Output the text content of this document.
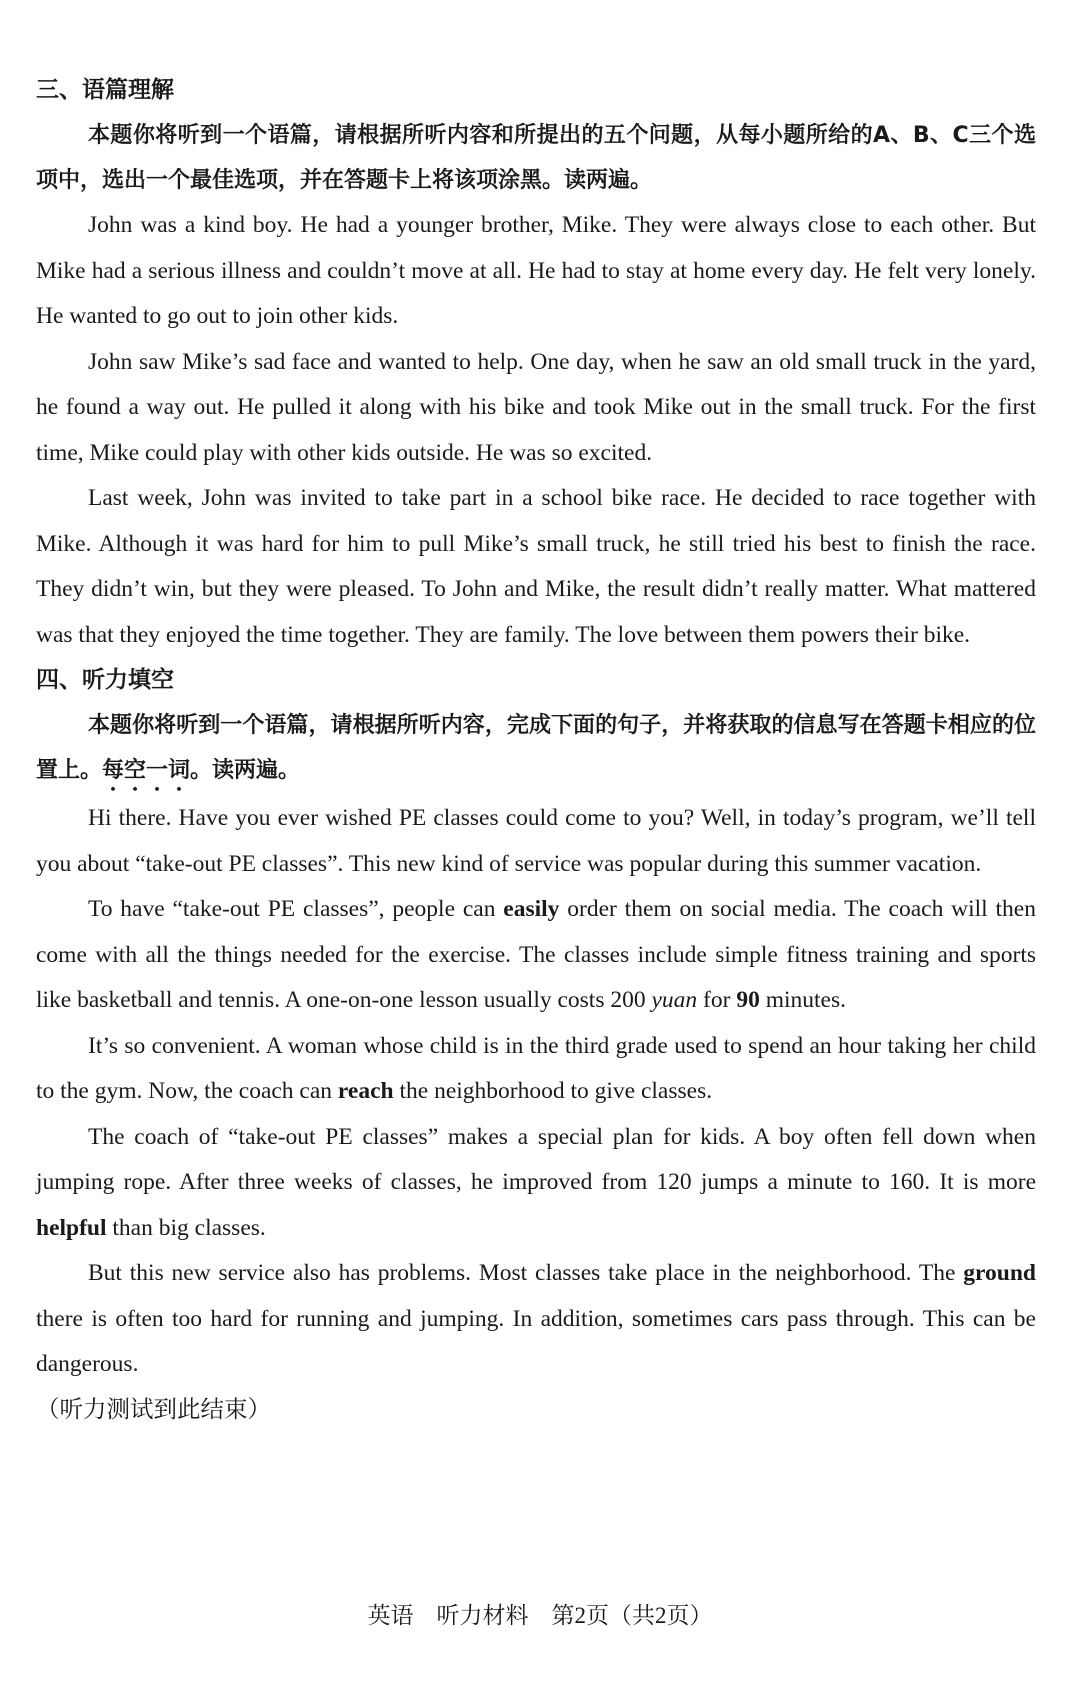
三、语篇理解

本题你将听到一个语篇，请根据所听内容和所提出的五个问题，从每小题所给的A、B、C三个选项中，选出一个最佳选项，并在答题卡上将该项涂黑。读两遍。

John was a kind boy. He had a younger brother, Mike. They were always close to each other. But Mike had a serious illness and couldn’t move at all. He had to stay at home every day. He felt very lonely. He wanted to go out to join other kids.

John saw Mike’s sad face and wanted to help. One day, when he saw an old small truck in the yard, he found a way out. He pulled it along with his bike and took Mike out in the small truck. For the first time, Mike could play with other kids outside. He was so excited.

Last week, John was invited to take part in a school bike race. He decided to race together with Mike. Although it was hard for him to pull Mike’s small truck, he still tried his best to finish the race. They didn’t win, but they were pleased. To John and Mike, the result didn’t really matter. What mattered was that they enjoyed the time together. They are family. The love between them powers their bike.

四、听力填空

本题你将听到一个语篇，请根据所听内容，完成下面的句子，并将获取的信息写在答题卡相应的位置上。每空一词。读两遍。

Hi there. Have you ever wished PE classes could come to you? Well, in today’s program, we’ll tell you about “take-out PE classes”. This new kind of service was popular during this summer vacation.

To have “take-out PE classes”, people can easily order them on social media. The coach will then come with all the things needed for the exercise. The classes include simple fitness training and sports like basketball and tennis. A one-on-one lesson usually costs 200 yuan for 90 minutes.

It’s so convenient. A woman whose child is in the third grade used to spend an hour taking her child to the gym. Now, the coach can reach the neighborhood to give classes.

The coach of “take-out PE classes” makes a special plan for kids. A boy often fell down when jumping rope. After three weeks of classes, he improved from 120 jumps a minute to 160. It is more helpful than big classes.

But this new service also has problems. Most classes take place in the neighborhood. The ground there is often too hard for running and jumping. In addition, sometimes cars pass through. This can be dangerous.

（听力测试到此结束）

英语　听力材料　第2页（共2页）
